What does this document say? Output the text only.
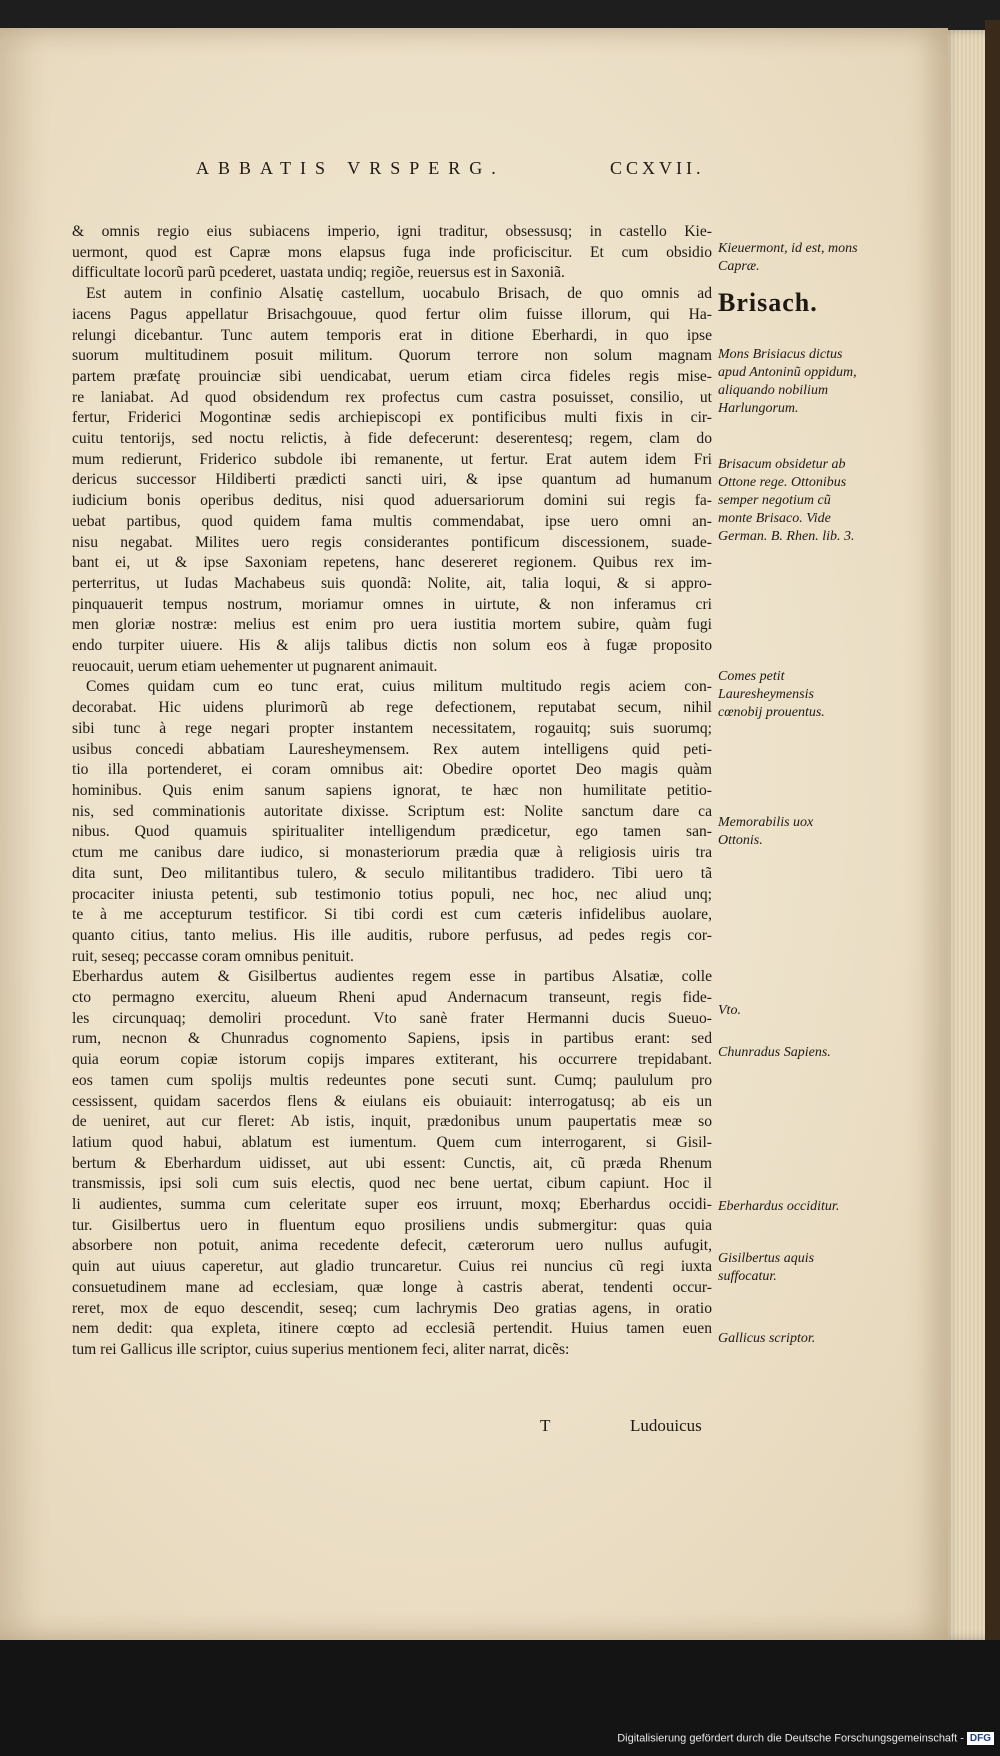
ABBATIS VRSPERG.	CCXVII.
& omnis regio eius subiacens imperio, igni traditur, obsessusq; in castello Kie-
uermont, quod est Capræ mons elapsus fuga inde proficiscitur. Et cum obsidio
difficultate locorũ parũ pcederet, uastata undiq; regiõe, reuersus est in Saxoniã.
Est autem in confinio Alsatię castellum, uocabulo Brisach, de quo omnis ad
iacens Pagus appellatur Brisachgouue, quod fertur olim fuisse illorum, qui Ha-
relungi dicebantur. Tunc autem temporis erat in ditione Eberhardi, in quo ipse
suorum multitudinem posuit militum. Quorum terrore non solum magnam
partem præfatę prouinciæ sibi uendicabat, uerum etiam circa fideles regis mise-
re laniabat. Ad quod obsidendum rex profectus cum castra posuisset, consilio, ut
fertur, Friderici Mogontinæ sedis archiepiscopi ex pontificibus multi fixis in cir-
cuitu tentorijs, sed noctu relictis, à fide defecerunt: deserentesq; regem, clam do
mum redierunt, Friderico subdole ibi remanente, ut fertur. Erat autem idem Fri
dericus successor Hildiberti prædicti sancti uiri, & ipse quantum ad humanum
iudicium bonis operibus deditus, nisi quod aduersariorum domini sui regis fa-
uebat partibus, quod quidem fama multis commendabat, ipse uero omni an-
nisu negabat. Milites uero regis considerantes pontificum discessionem, suade-
bant ei, ut & ipse Saxoniam repetens, hanc desereret regionem. Quibus rex im-
perterritus, ut Iudas Machabeus suis quondã: Nolite, ait, talia loqui, & si appro-
pinquauerit tempus nostrum, moriamur omnes in uirtute, & non inferamus cri
men gloriæ nostræ: melius est enim pro uera iustitia mortem subire, quàm fugi
endo turpiter uiuere. His & alijs talibus dictis non solum eos à fugæ proposito
reuocauit, uerum etiam uehementer ut pugnarent animauit.
Comes quidam cum eo tunc erat, cuius militum multitudo regis aciem con-
decorabat. Hic uidens plurimorũ ab rege defectionem, reputabat secum, nihil
sibi tunc à rege negari propter instantem necessitatem, rogauitq; suis suorumq;
usibus concedi abbatiam Lauresheymensem. Rex autem intelligens quid peti-
tio illa portenderet, ei coram omnibus ait: Obedire oportet Deo magis quàm
hominibus. Quis enim sanum sapiens ignorat, te hæc non humilitate petitio-
nis, sed comminationis autoritate dixisse. Scriptum est: Nolite sanctum dare ca
nibus. Quod quamuis spiritualiter intelligendum prædicetur, ego tamen san-
ctum me canibus dare iudico, si monasteriorum prædia quæ à religiosis uiris tra
dita sunt, Deo militantibus tulero, & seculo militantibus tradidero. Tibi uero tã
procaciter iniusta petenti, sub testimonio totius populi, nec hoc, nec aliud unq;
te à me accepturum testificor. Si tibi cordi est cum cæteris infidelibus auolare,
quanto citius, tanto melius. His ille auditis, rubore perfusus, ad pedes regis cor-
ruit, seseq; peccasse coram omnibus penituit.
Eberhardus autem & Gisilbertus audientes regem esse in partibus Alsatiæ, colle
cto permagno exercitu, alueum Rheni apud Andernacum transeunt, regis fide-
les circunquaq; demoliri procedunt. Vto sanè frater Hermanni ducis Sueuo-
rum, necnon & Chunradus cognomento Sapiens, ipsis in partibus erant: sed
quia eorum copiæ istorum copijs impares extiterant, his occurrere trepidabant.
eos tamen cum spolijs multis redeuntes pone secuti sunt. Cumq; paululum pro
cessissent, quidam sacerdos flens & eiulans eis obuiauit: interrogatusq; ab eis un
de ueniret, aut cur fleret: Ab istis, inquit, prædonibus unum paupertatis meæ so
latium quod habui, ablatum est iumentum. Quem cum interrogarent, si Gisil-
bertum & Eberhardum uidisset, aut ubi essent: Cunctis, ait, cũ præda Rhenum
transmissis, ipsi soli cum suis electis, quod nec bene uertat, cibum capiunt. Hoc il
li audientes, summa cum celeritate super eos irruunt, moxq; Eberhardus occidi-
tur. Gisilbertus uero in fluentum equo prosiliens undis submergitur: quas quia
absorbere non potuit, anima recedente defecit, cæterorum uero nullus aufugit,
quin aut uiuus caperetur, aut gladio truncaretur. Cuius rei nuncius cũ regi iuxta
consuetudinem mane ad ecclesiam, quæ longe à castris aberat, tendenti occur-
reret, mox de equo descendit, seseq; cum lachrymis Deo gratias agens, in oratio
nem dedit: qua expleta, itinere cœpto ad ecclesiã pertendit. Huius tamen euen
tum rei Gallicus ille scriptor, cuius superius mentionem feci, aliter narrat, dicẽs:
Kieuermont, id est, mons Capræ.
Brisach.
Mons Brisiacus dictus apud Antoninũ oppidum, aliquando nobilium Harlungorum.
Brisacum obsidetur ab Ottone rege. Ottonibus semper negotium cũ monte Brisaco. Vide German. B. Rhen. lib. 3.
Comes petit Lauresheymensis cœnobij prouentus.
Memorabilis uox Ottonis.
Vto.
Chunradus Sapiens.
Eberhardus occiditur.
Gisilbertus aquis suffocatur.
Gallicus scriptor.
T	Ludouicus
Digitalisierung gefördert durch die Deutsche Forschungsgemeinschaft - DFG
